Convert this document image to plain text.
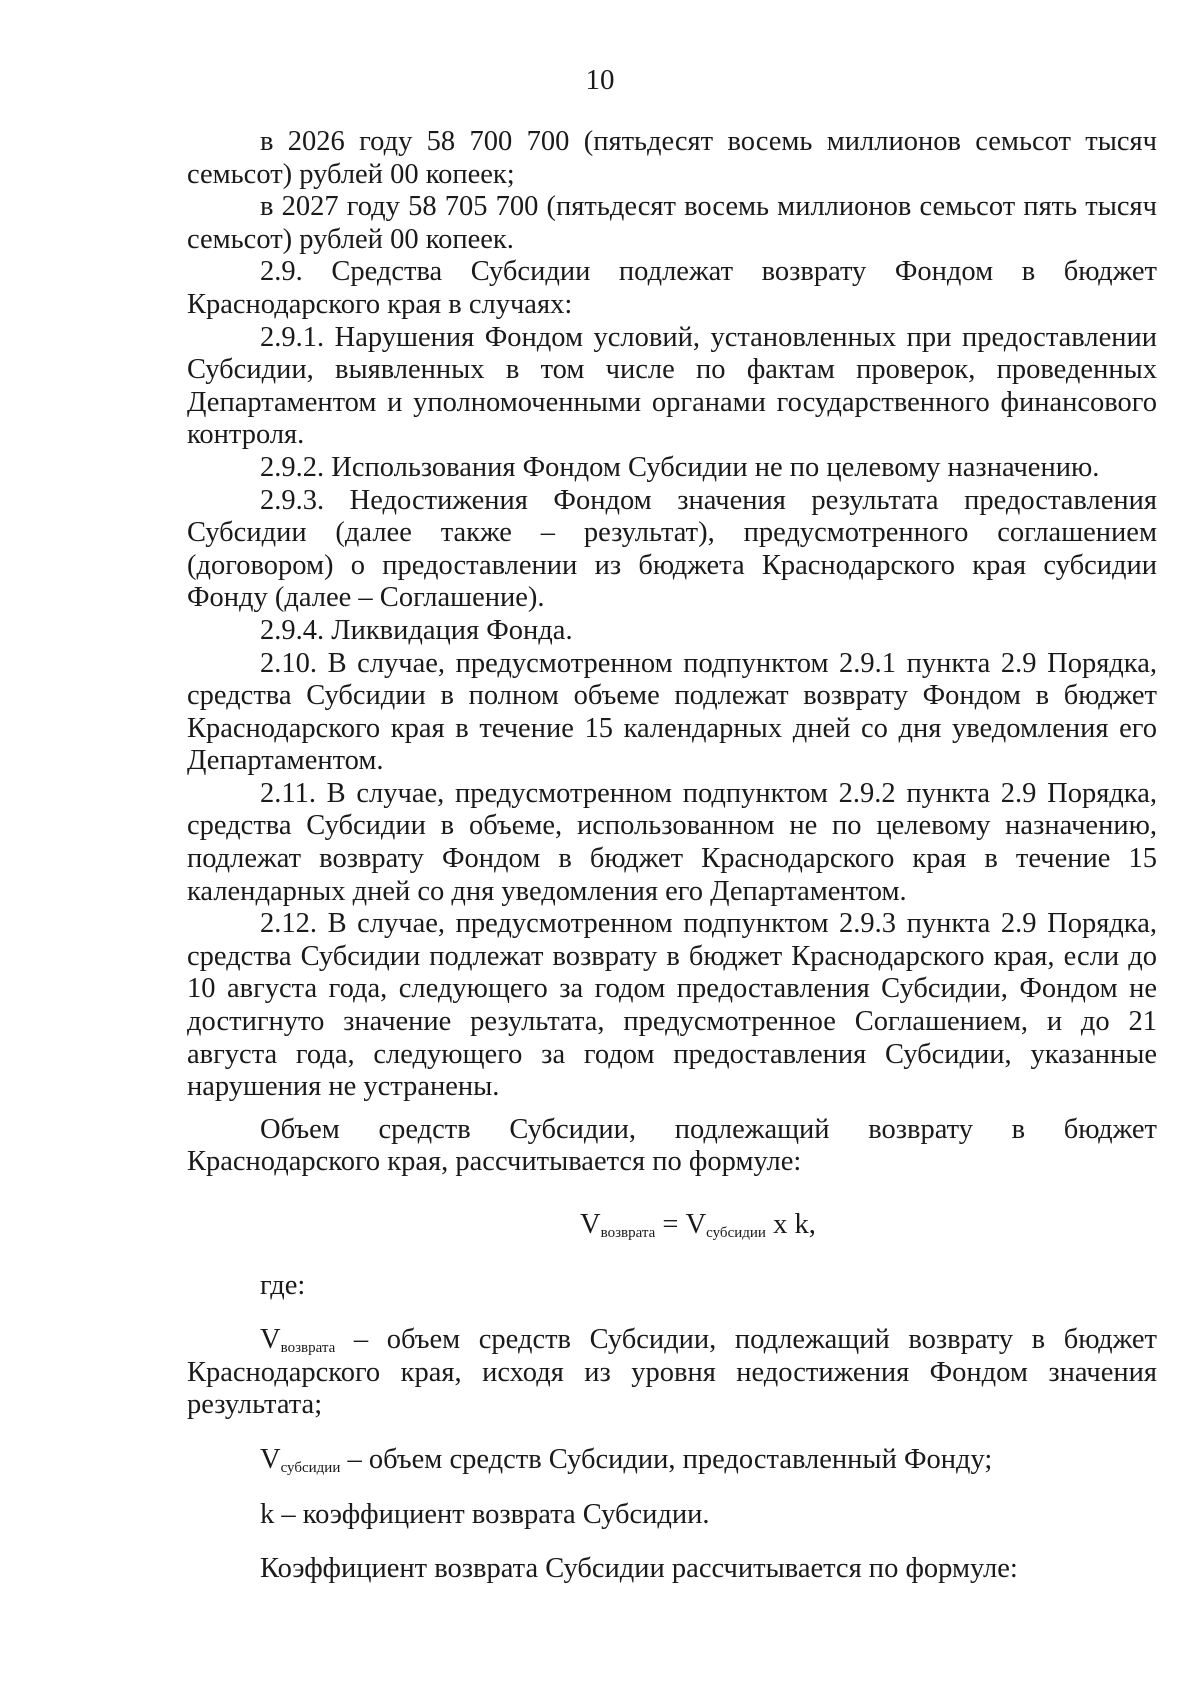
10

в 2026 году 58 700 700 (пятьдесят восемь миллионов семьсот тысяч семьсот) рублей 00 копеек;

в 2027 году 58 705 700 (пятьдесят восемь миллионов семьсот пять тысяч семьсот) рублей 00 копеек.

2.9. Средства Субсидии подлежат возврату Фондом в бюджет Краснодарского края в случаях:

2.9.1. Нарушения Фондом условий, установленных при предоставлении Субсидии, выявленных в том числе по фактам проверок, проведенных Департаментом и уполномоченными органами государственного финансового контроля.

2.9.2. Использования Фондом Субсидии не по целевому назначению.

2.9.3. Недостижения Фондом значения результата предоставления Субсидии (далее также – результат), предусмотренного соглашением (договором) о предоставлении из бюджета Краснодарского края субсидии Фонду (далее – Соглашение).

2.9.4. Ликвидация Фонда.

2.10. В случае, предусмотренном подпунктом 2.9.1 пункта 2.9 Порядка, средства Субсидии в полном объеме подлежат возврату Фондом в бюджет Краснодарского края в течение 15 календарных дней со дня уведомления его Департаментом.

2.11. В случае, предусмотренном подпунктом 2.9.2 пункта 2.9 Порядка, средства Субсидии в объеме, использованном не по целевому назначению, подлежат возврату Фондом в бюджет Краснодарского края в течение 15 календарных дней со дня уведомления его Департаментом.

2.12. В случае, предусмотренном подпунктом 2.9.3 пункта 2.9 Порядка, средства Субсидии подлежат возврату в бюджет Краснодарского края, если до 10 августа года, следующего за годом предоставления Субсидии, Фондом не достигнуто значение результата, предусмотренное Соглашением, и до 21 августа года, следующего за годом предоставления Субсидии, указанные нарушения не устранены.

Объем средств Субсидии, подлежащий возврату в бюджет Краснодарского края, рассчитывается по формуле:

$V_{возврата} = V_{субсидии}$ x k,

где:

$V_{возврата}$ – объем средств Субсидии, подлежащий возврату в бюджет Краснодарского края, исходя из уровня недостижения Фондом значения результата;

$V_{субсидии}$ – объем средств Субсидии, предоставленный Фонду;

k – коэффициент возврата Субсидии.

Коэффициент возврата Субсидии рассчитывается по формуле:
